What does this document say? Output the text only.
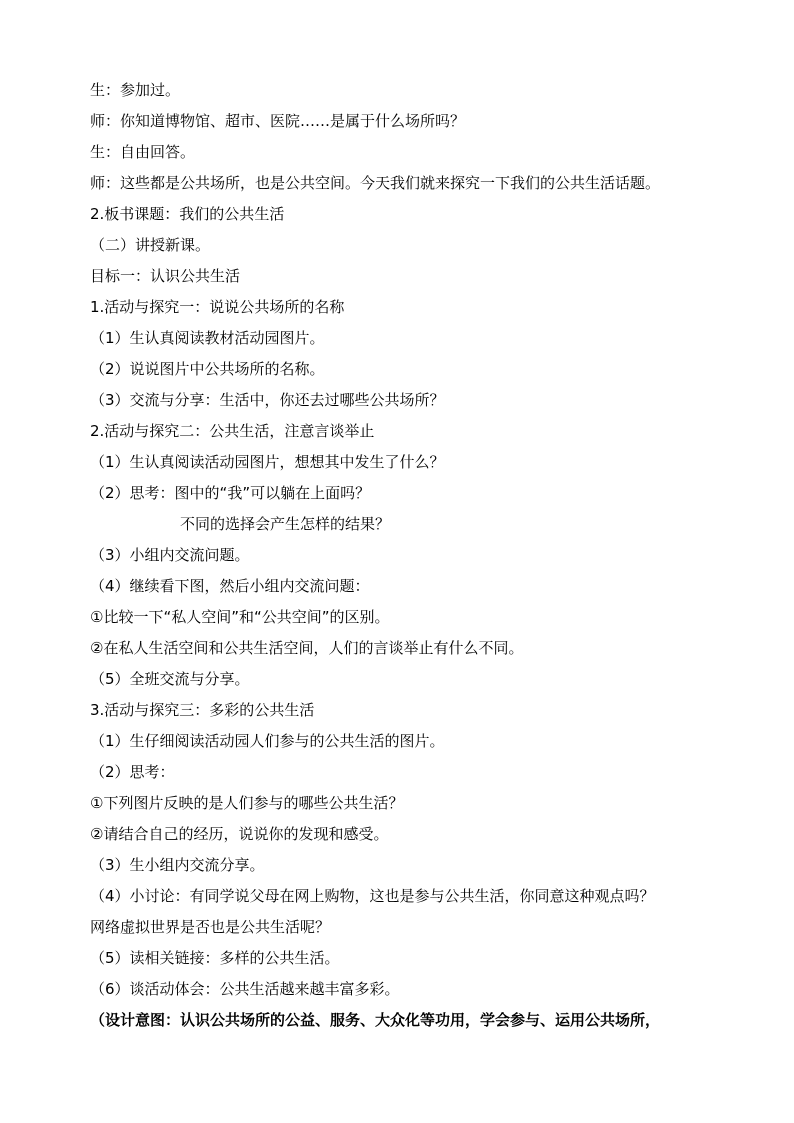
生：参加过。
师：你知道博物馆、超市、医院……是属于什么场所吗？
生：自由回答。
师：这些都是公共场所，也是公共空间。今天我们就来探究一下我们的公共生活话题。
2.板书课题：我们的公共生活
（二）讲授新课。
目标一：认识公共生活
1.活动与探究一：说说公共场所的名称
（1）生认真阅读教材活动园图片。
（2）说说图片中公共场所的名称。
（3）交流与分享：生活中，你还去过哪些公共场所？
2.活动与探究二：公共生活，注意言谈举止
（1）生认真阅读活动园图片，想想其中发生了什么？
（2）思考：图中的“我”可以躺在上面吗？
不同的选择会产生怎样的结果？
（3）小组内交流问题。
（4）继续看下图，然后小组内交流问题：
①比较一下“私人空间”和“公共空间”的区别。
②在私人生活空间和公共生活空间，人们的言谈举止有什么不同。
（5）全班交流与分享。
3.活动与探究三：多彩的公共生活
（1）生仔细阅读活动园人们参与的公共生活的图片。
（2）思考：
①下列图片反映的是人们参与的哪些公共生活？
②请结合自己的经历，说说你的发现和感受。
（3）生小组内交流分享。
（4）小讨论：有同学说父母在网上购物，这也是参与公共生活，你同意这种观点吗？
网络虚拟世界是否也是公共生活呢？
（5）读相关链接：多样的公共生活。
（6）谈活动体会：公共生活越来越丰富多彩。
（设计意图：认识公共场所的公益、服务、大众化等功用，学会参与、运用公共场所，
